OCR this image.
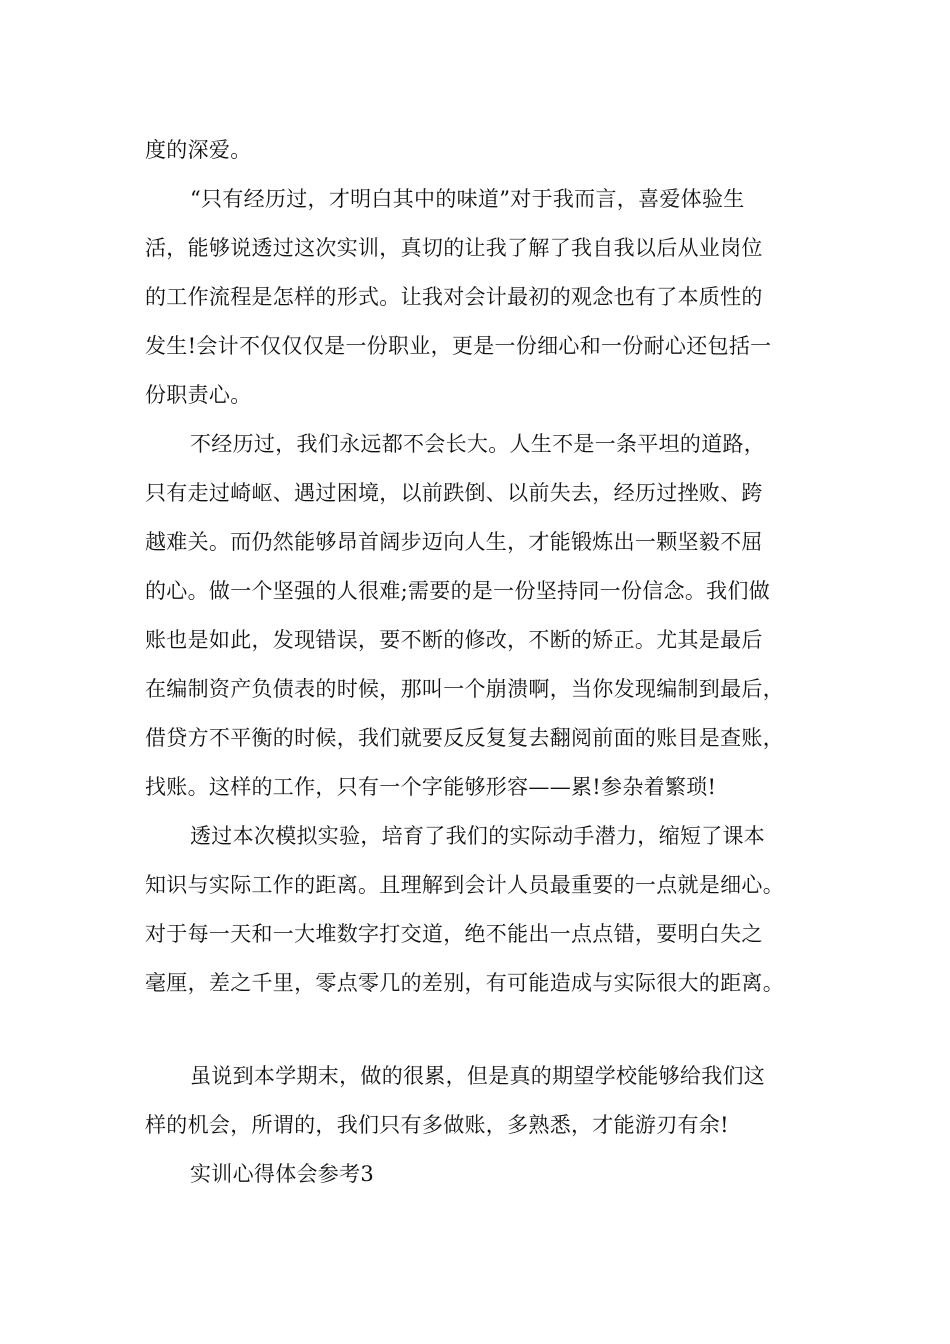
度的深爱。
“只有经历过，才明白其中的味道”对于我而言，喜爱体验生
活，能够说透过这次实训，真切的让我了解了我自我以后从业岗位
的工作流程是怎样的形式。让我对会计最初的观念也有了本质性的
发生!会计不仅仅仅是一份职业，更是一份细心和一份耐心还包括一
份职责心。
不经历过，我们永远都不会长大。人生不是一条平坦的道路，
只有走过崎岖、遇过困境，以前跌倒、以前失去，经历过挫败、跨
越难关。而仍然能够昂首阔步迈向人生，才能锻炼出一颗坚毅不屈
的心。做一个坚强的人很难;需要的是一份坚持同一份信念。我们做
账也是如此，发现错误，要不断的修改，不断的矫正。尤其是最后
在编制资产负债表的时候，那叫一个崩溃啊，当你发现编制到最后，
借贷方不平衡的时候，我们就要反反复复去翻阅前面的账目是查账，
找账。这样的工作，只有一个字能够形容——累!参杂着繁琐!
透过本次模拟实验，培育了我们的实际动手潜力，缩短了课本
知识与实际工作的距离。且理解到会计人员最重要的一点就是细心。
对于每一天和一大堆数字打交道，绝不能出一点点错，要明白失之
毫厘，差之千里，零点零几的差别，有可能造成与实际很大的距离。
虽说到本学期末，做的很累，但是真的期望学校能够给我们这
样的机会，所谓的，我们只有多做账，多熟悉，才能游刃有余!
实训心得体会参考3
